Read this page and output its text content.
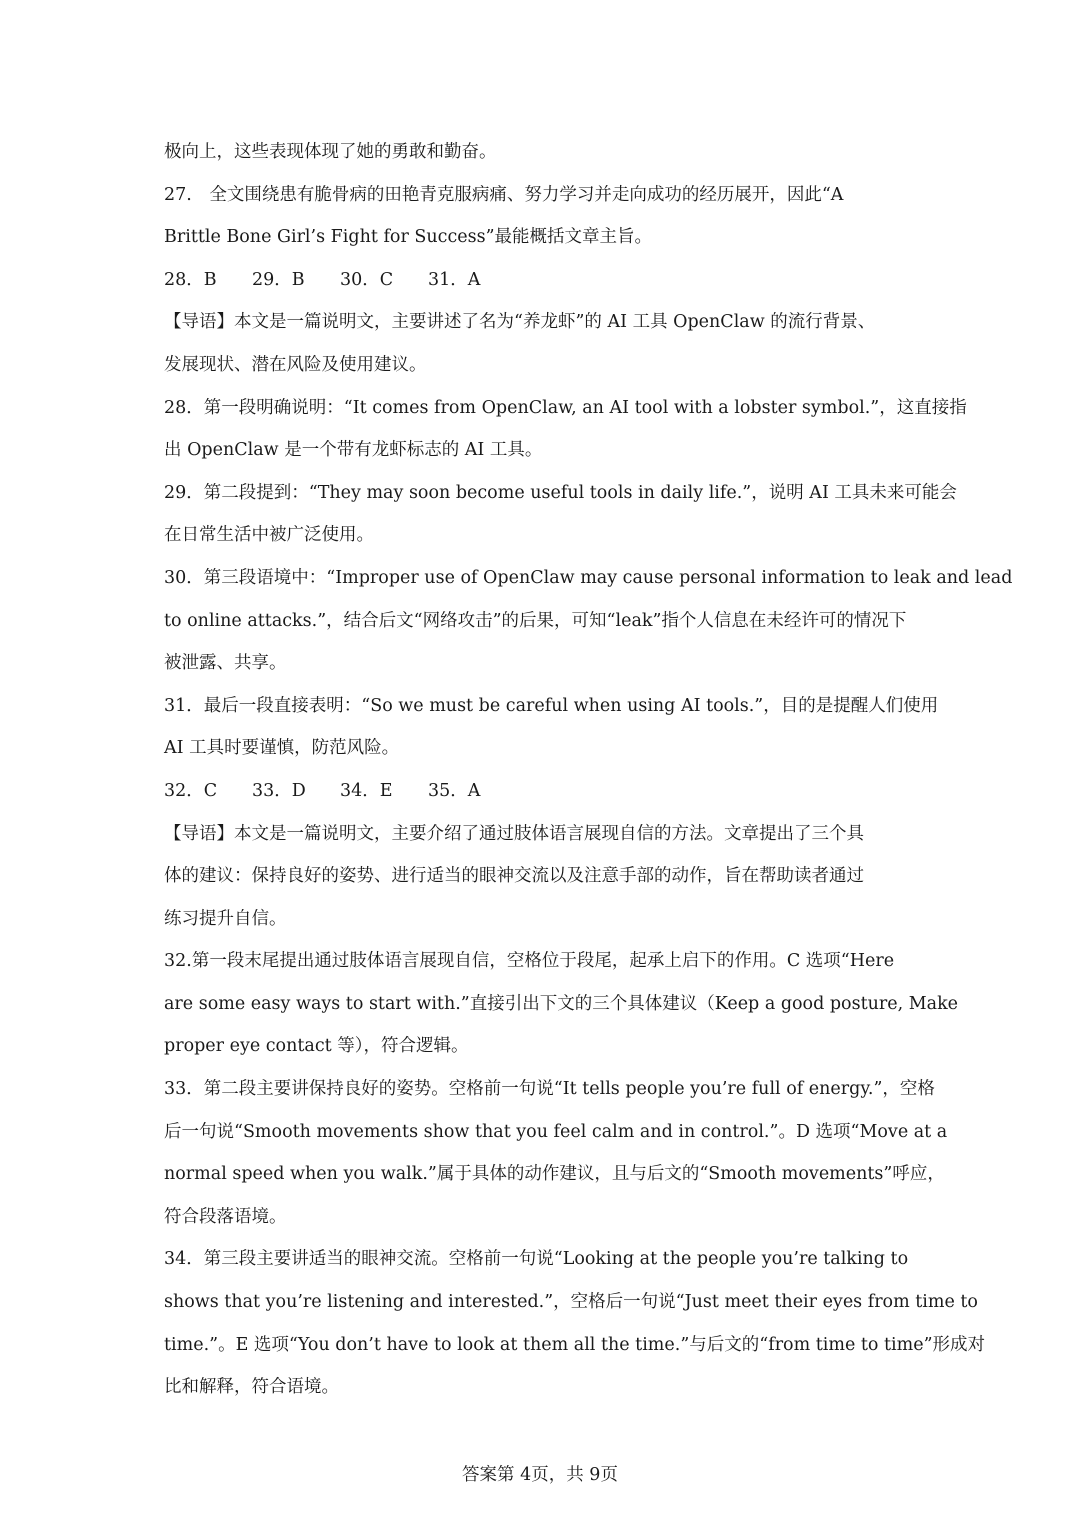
极向上，这些表现体现了她的勇敢和勤奋。
27.　全文围绕患有脆骨病的田艳青克服病痛、努力学习并走向成功的经历展开，因此“A
Brittle Bone Girl’s Fight for Success”最能概括文章主旨。
28．B 29．B 30．C 31．A
【导语】本文是一篇说明文，主要讲述了名为“养龙虾”的 AI 工具 OpenClaw 的流行背景、
发展现状、潜在风险及使用建议。
28．第一段明确说明：“It comes from OpenClaw, an AI tool with a lobster symbol.”，这直接指
出 OpenClaw 是一个带有龙虾标志的 AI 工具。
29．第二段提到：“They may soon become useful tools in daily life.”，说明 AI 工具未来可能会
在日常生活中被广泛使用。
30．第三段语境中：“Improper use of OpenClaw may cause personal information to leak and lead
to online attacks.”，结合后文“网络攻击”的后果，可知“leak”指个人信息在未经许可的情况下
被泄露、共享。
31．最后一段直接表明：“So we must be careful when using AI tools.”，目的是提醒人们使用
AI 工具时要谨慎，防范风险。
32．C 33．D 34．E 35．A
【导语】本文是一篇说明文，主要介绍了通过肢体语言展现自信的方法。文章提出了三个具
体的建议：保持良好的姿势、进行适当的眼神交流以及注意手部的动作，旨在帮助读者通过
练习提升自信。
32.第一段末尾提出通过肢体语言展现自信，空格位于段尾，起承上启下的作用。C 选项“Here
are some easy ways to start with.”直接引出下文的三个具体建议（Keep a good posture, Make
proper eye contact 等），符合逻辑。
33．第二段主要讲保持良好的姿势。空格前一句说“It tells people you’re full of energy.”，空格
后一句说“Smooth movements show that you feel calm and in control.”。D 选项“Move at a
normal speed when you walk.”属于具体的动作建议，且与后文的“Smooth movements”呼应，
符合段落语境。
34．第三段主要讲适当的眼神交流。空格前一句说“Looking at the people you’re talking to
shows that you’re listening and interested.”，空格后一句说“Just meet their eyes from time to
time.”。E 选项“You don’t have to look at them all the time.”与后文的“from time to time”形成对
比和解释，符合语境。
答案第 4页，共 9页
